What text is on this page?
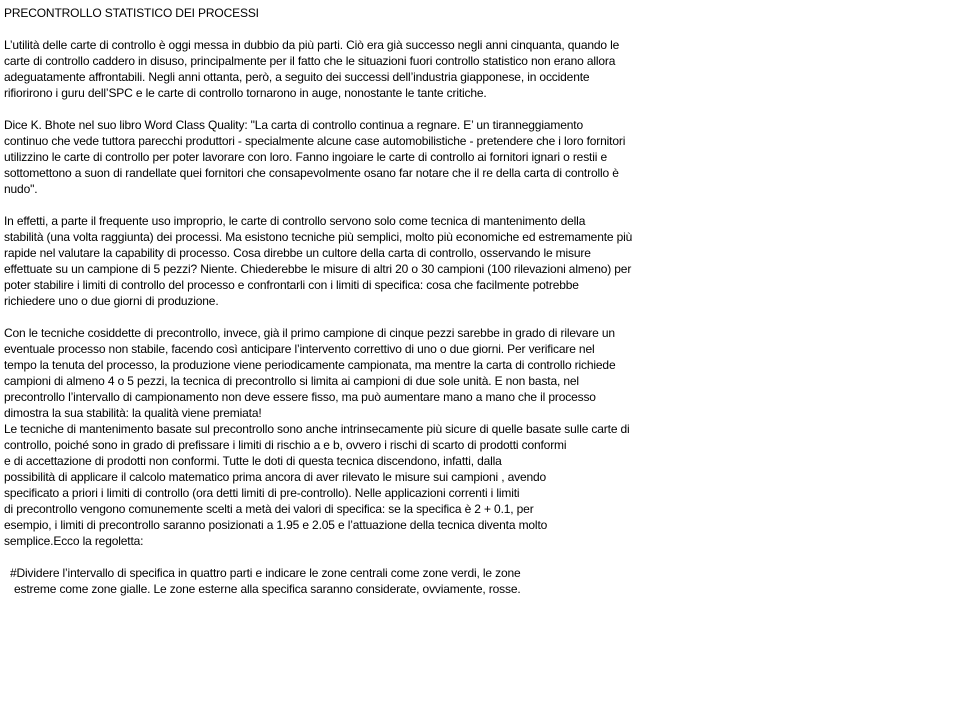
PRECONTROLLO STATISTICO DEI PROCESSI
L’utilità delle carte di controllo è oggi messa in dubbio da più parti. Ciò era già successo negli anni cinquanta, quando le
carte di controllo caddero in disuso, principalmente per il fatto che le situazioni fuori controllo statistico non erano allora
adeguatamente affrontabili. Negli anni ottanta, però, a seguito dei successi dell’industria giapponese, in occidente
rifiorirono i guru dell’SPC e le carte di controllo tornarono in auge, nonostante le tante critiche.
Dice K. Bhote nel suo libro Word Class Quality: "La carta di controllo continua a regnare. E’ un tiranneggiamento
continuo che vede tuttora parecchi produttori - specialmente alcune case automobilistiche - pretendere che i loro fornitori
utilizzino le carte di controllo per poter lavorare con loro. Fanno ingoiare le carte di controllo ai fornitori ignari o restii e
sottomettono a suon di randellate quei fornitori che consapevolmente osano far notare che il re della carta di controllo è
nudo".
In effetti, a parte il frequente uso improprio, le carte di controllo servono solo come tecnica di mantenimento della
stabilità (una volta raggiunta) dei processi. Ma esistono tecniche più semplici, molto più economiche ed estremamente più
rapide nel valutare la capability di processo. Cosa direbbe un cultore della carta di controllo, osservando le misure
effettuate su un campione di 5 pezzi? Niente. Chiederebbe le misure di altri 20 o 30 campioni (100 rilevazioni almeno) per
poter stabilire i limiti di controllo del processo e confrontarli con i limiti di specifica: cosa che facilmente potrebbe
richiedere uno o due giorni di produzione.
Con le tecniche cosiddette di precontrollo, invece, già il primo campione di cinque pezzi sarebbe in grado di rilevare un
eventuale processo non stabile, facendo così anticipare l’intervento correttivo di uno o due giorni. Per verificare nel
tempo la tenuta del processo, la produzione viene periodicamente campionata, ma mentre la carta di controllo richiede
campioni di almeno 4 o 5 pezzi, la tecnica di precontrollo si limita ai campioni di due sole unità. E non basta, nel
precontrollo l’intervallo di campionamento non deve essere fisso, ma può aumentare mano a mano che il processo
dimostra la sua stabilità: la qualità viene premiata!
Le tecniche di mantenimento basate sul precontrollo sono anche intrinsecamente più sicure di quelle basate sulle carte di
controllo, poiché sono in grado di prefissare i limiti di rischio a e b, ovvero i rischi di scarto di prodotti conformi
e di accettazione di prodotti non conformi. Tutte le doti di questa tecnica discendono, infatti, dalla
possibilità di applicare il calcolo matematico prima ancora di aver rilevato le misure sui campioni , avendo
specificato a priori i limiti di controllo (ora detti limiti di pre-controllo). Nelle applicazioni correnti i limiti
di precontrollo vengono comunemente scelti a metà dei valori di specifica: se la specifica è 2 + 0.1, per
esempio, i limiti di precontrollo saranno posizionati a 1.95 e 2.05 e l’attuazione della tecnica diventa molto
semplice.Ecco la regoletta:
#Dividere l’intervallo di specifica in quattro parti e indicare le zone centrali come zone verdi, le zone
estreme come zone gialle. Le zone esterne alla specifica saranno considerate, ovviamente, rosse.
